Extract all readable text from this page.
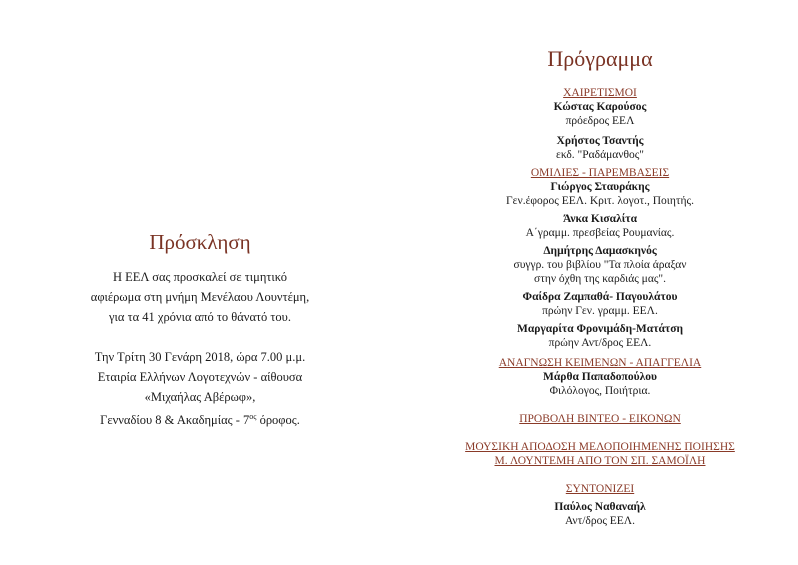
Πρόσκληση

Η ΕΕΛ σας προσκαλεί σε τιμητικό

αφιέρωμα στη μνήμη Μενέλαου Λουντέμη,

για τα 41 χρόνια από το θάνατό του.

Την Τρίτη 30 Γενάρη 2018, ώρα 7.00 μ.μ.

Εταιρία Ελλήνων Λογοτεχνών - αίθουσα

«Μιχαήλας Αβέρωφ»,

Γενναδίου 8 & Ακαδημίας - $7^{o\varsigma}$ όροφος.

Πρόγραμμα

ΧΑΙΡΕΤΙΣΜΟΙ

Κώστας Καρούσος

πρόεδρος ΕΕΛ

Χρήστος Τσαντής

εκδ. "Ραδάμανθος"

ΟΜΙΛΙΕΣ - ΠΑΡΕΜΒΑΣΕΙΣ

Γιώργος Σταυράκης

Γεν.έφορος ΕΕΛ. Κριτ. λογοτ., Ποιητής.

Άνκα Κισαλίτα

Α΄γραμμ. πρεσβείας Ρουμανίας.

Δημήτρης Δαμασκηνός

συγγρ. του βιβλίου "Τα πλοία άραξαν

στην όχθη της καρδιάς μας".

Φαίδρα Ζαμπαθά- Παγουλάτου

πρώην Γεν. γραμμ. ΕΕΛ.

Μαργαρίτα Φρονιμάδη-Ματάτση

πρώην Αντ/δρος ΕΕΛ.

ΑΝΑΓΝΩΣΗ ΚΕΙΜΕΝΩΝ - ΑΠΑΓΓΕΛΙΑ

Μάρθα Παπαδοπούλου

Φιλόλογος, Ποιήτρια.

ΠΡΟΒΟΛΗ ΒΙΝΤΕΟ - ΕΙΚΟΝΩΝ

ΜΟΥΣΙΚΗ ΑΠΟΔΟΣΗ ΜΕΛΟΠΟΙΗΜΕΝΗΣ ΠΟΙΗΣΗΣ

Μ. ΛΟΥΝΤΕΜΗ ΑΠΟ ΤΟΝ ΣΠ. ΣΑΜΟΪΛΗ

ΣΥΝΤΟΝΙΖΕΙ

Παύλος Ναθαναήλ

Αντ/δρος ΕΕΛ.
